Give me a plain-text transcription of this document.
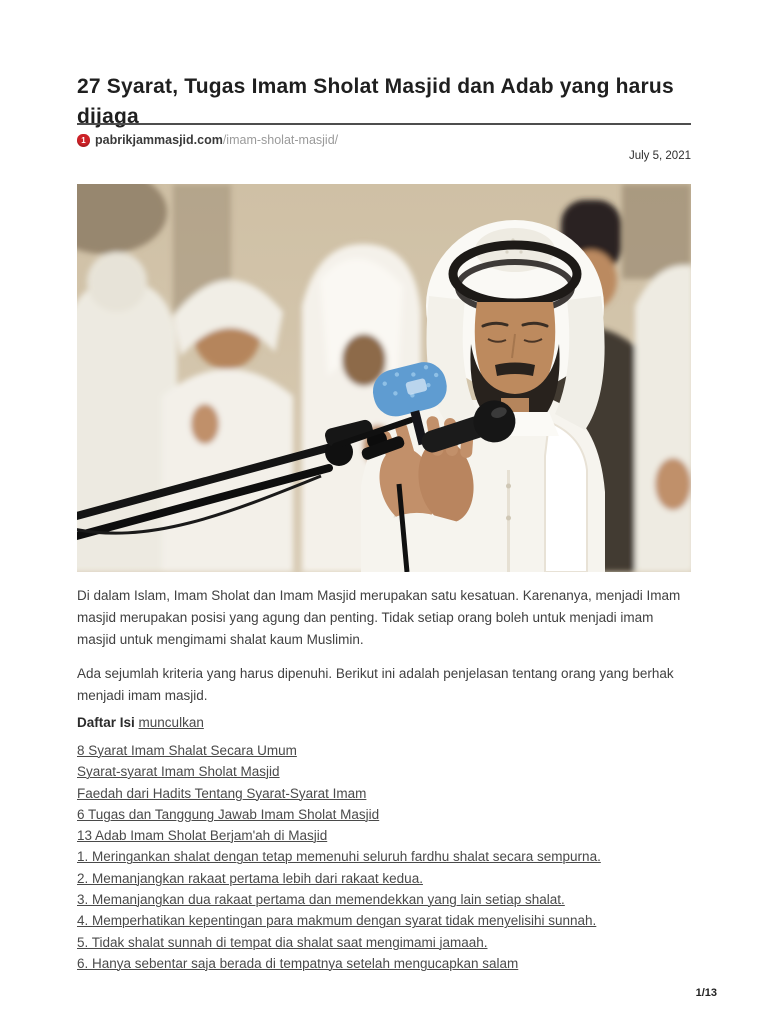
27 Syarat, Tugas Imam Sholat Masjid dan Adab yang harus dijaga
1 pabrikjammasjid.com/imam-sholat-masjid/
July 5, 2021

Di dalam Islam, Imam Sholat dan Imam Masjid merupakan satu kesatuan. Karenanya, menjadi Imam masjid merupakan posisi yang agung dan penting. Tidak setiap orang boleh untuk menjadi imam masjid untuk mengimami shalat kaum Muslimin.

Ada sejumlah kriteria yang harus dipenuhi. Berikut ini adalah penjelasan tentang orang yang berhak menjadi imam masjid.

Daftar Isi munculkan

8 Syarat Imam Shalat Secara Umum
Syarat-syarat Imam Sholat Masjid
Faedah dari Hadits Tentang Syarat-Syarat Imam
6 Tugas dan Tanggung Jawab Imam Sholat Masjid
13 Adab Imam Sholat Berjam'ah di Masjid
1. Meringankan shalat dengan tetap memenuhi seluruh fardhu shalat secara sempurna.
2. Memanjangkan rakaat pertama lebih dari rakaat kedua.
3. Memanjangkan dua rakaat pertama dan memendekkan yang lain setiap shalat.
4. Memperhatikan kepentingan para makmum dengan syarat tidak menyelisihi sunnah.
5. Tidak shalat sunnah di tempat dia shalat saat mengimami jamaah.
6. Hanya sebentar saja berada di tempatnya setelah mengucapkan salam
1/13
